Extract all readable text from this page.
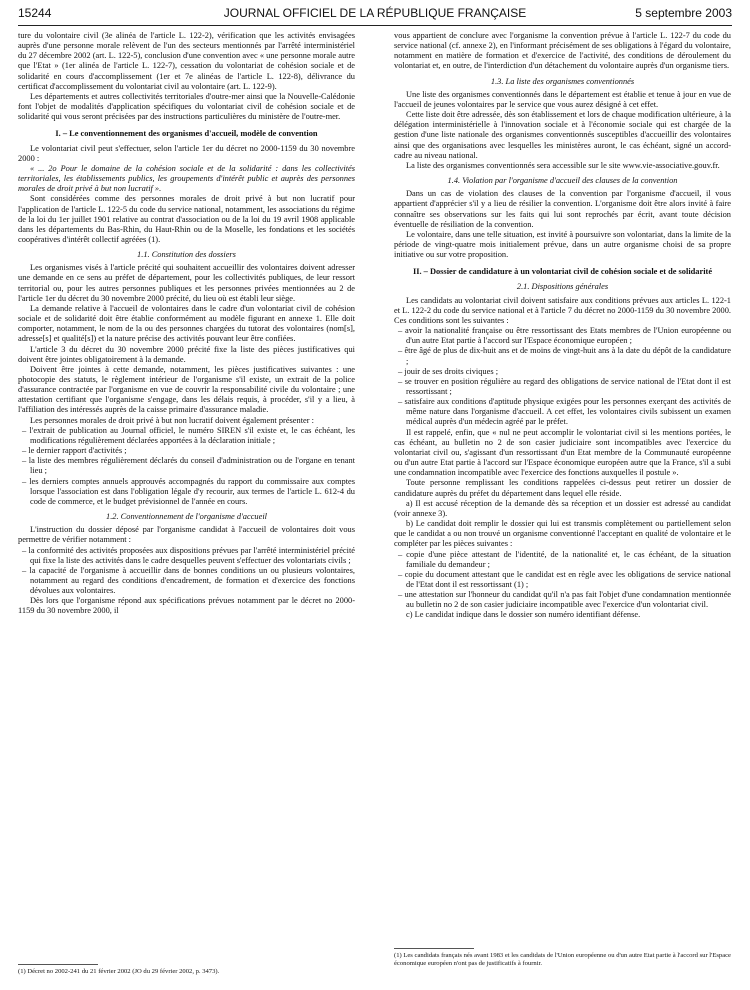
15244	JOURNAL OFFICIEL DE LA RÉPUBLIQUE FRANÇAISE	5 septembre 2003

ture du volontaire civil (3e alinéa de l'article L. 122-2), vérification que les activités envisagées auprès d'une personne morale relèvent de l'un des secteurs mentionnés par l'arrêté interministériel du 27 décembre 2002 (art. L. 122-5), conclusion d'une convention avec « une personne morale autre que l'Etat » (1er alinéa de l'article L. 122-7), cessation du volontariat de cohésion sociale et de solidarité en cours d'accomplissement (1er et 7e alinéas de l'article L. 122-8), délivrance du certificat d'accomplissement du volontariat civil au volontaire (art. L. 122-9).

Les départements et autres collectivités territoriales d'outre-mer ainsi que la Nouvelle-Calédonie font l'objet de modalités d'application spécifiques du volontariat civil de cohésion sociale et de solidarité qui vous seront précisées par des instructions particulières du ministère de l'outre-mer.

I. – Le conventionnement des organismes d'accueil, modèle de convention

Le volontariat civil peut s'effectuer, selon l'article 1er du décret no 2000-1159 du 30 novembre 2000 :

« ... 2o Pour le domaine de la cohésion sociale et de la solidarité : dans les collectivités territoriales, les établissements publics, les groupements d'intérêt public et auprès des personnes morales de droit privé à but non lucratif ».

Sont considérées comme des personnes morales de droit privé à but non lucratif pour l'application de l'article L. 122-5 du code du service national, notamment, les associations du régime de la loi du 1er juillet 1901 relative au contrat d'association ou de la loi du 19 avril 1908 applicable dans les départements du Bas-Rhin, du Haut-Rhin ou de la Moselle, les fondations et les sociétés coopératives d'intérêt collectif agréées (1).

1.1. Constitution des dossiers

Les organismes visés à l'article précité qui souhaitent accueillir des volontaires doivent adresser une demande en ce sens au préfet de département, pour les collectivités publiques, de leur ressort territorial ou, pour les autres personnes publiques et les personnes privées mentionnées au 2 de l'article 1er du décret du 30 novembre 2000 précité, du lieu où est établi leur siège.

La demande relative à l'accueil de volontaires dans le cadre d'un volontariat civil de cohésion sociale et de solidarité doit être établie conformément au modèle figurant en annexe 1. Elle doit comporter, notamment, le nom de la ou des personnes chargées du tutorat des volontaires (nom[s], adresse[s] et qualité[s]) et la nature précise des activités pouvant leur être confiées.

L'article 3 du décret du 30 novembre 2000 précité fixe la liste des pièces justificatives qui doivent être jointes obligatoirement à la demande.

Doivent être jointes à cette demande, notamment, les pièces justificatives suivantes : une photocopie des statuts, le règlement intérieur de l'organisme s'il existe, un extrait de la police d'assurance contractée par l'organisme en vue de couvrir la responsabilité civile du volontaire ; une attestation certifiant que l'organisme s'engage, dans les délais requis, à procéder, s'il y a lieu, à l'affiliation des intéressés auprès de la caisse primaire d'assurance maladie.

Les personnes morales de droit privé à but non lucratif doivent également présenter :

– l'extrait de publication au Journal officiel, le numéro SIREN s'il existe et, le cas échéant, les modifications régulièrement déclarées apportées à la déclaration initiale ;
– le dernier rapport d'activités ;
– la liste des membres régulièrement déclarés du conseil d'administration ou de l'organe en tenant lieu ;
– les derniers comptes annuels approuvés accompagnés du rapport du commissaire aux comptes lorsque l'association est dans l'obligation légale d'y recourir, aux termes de l'article L. 612-4 du code de commerce, et le budget prévisionnel de l'année en cours.
1.2. Conventionnement de l'organisme d'accueil

L'instruction du dossier déposé par l'organisme candidat à l'accueil de volontaires doit vous permettre de vérifier notamment :

– la conformité des activités proposées aux dispositions prévues par l'arrêté interministériel précité qui fixe la liste des activités dans le cadre desquelles peuvent s'effectuer des volontariats civils ;
– la capacité de l'organisme à accueillir dans de bonnes conditions un ou plusieurs volontaires, notamment au regard des conditions d'encadrement, de formation et d'exercice des fonctions dévolues aux volontaires.

Dès lors que l'organisme répond aux spécifications prévues notamment par le décret no 2000-1159 du 30 novembre 2000, il

vous appartient de conclure avec l'organisme la convention prévue à l'article L. 122-7 du code du service national (cf. annexe 2), en l'informant précisément de ses obligations à l'égard du volontaire, notamment en matière de formation et d'exercice de l'activité, des conditions de déroulement du volontariat et, en outre, de l'interdiction d'un détachement du volontaire auprès d'un organisme tiers.

1.3. La liste des organismes conventionnés

Une liste des organismes conventionnés dans le département est établie et tenue à jour en vue de l'accueil de jeunes volontaires par le service que vous aurez désigné à cet effet.

Cette liste doit être adressée, dès son établissement et lors de chaque modification ultérieure, à la délégation interministérielle à l'innovation sociale et à l'économie sociale qui est chargée de la gestion d'une liste nationale des organismes conventionnés susceptibles d'accueillir des volontaires ainsi que des organisations avec lesquelles les ministères auront, le cas échéant, signé un accord-cadre au niveau national.

La liste des organismes conventionnés sera accessible sur le site www.vie-associative.gouv.fr.

1.4. Violation par l'organisme d'accueil des clauses de la convention

Dans un cas de violation des clauses de la convention par l'organisme d'accueil, il vous appartient d'apprécier s'il y a lieu de résilier la convention. L'organisme doit être alors invité à faire connaître ses observations sur les faits qui lui sont reprochés par écrit, avant toute décision éventuelle de résiliation de la convention.

Le volontaire, dans une telle situation, est invité à poursuivre son volontariat, dans la limite de la période de vingt-quatre mois initialement prévue, dans un autre organisme choisi de sa propre initiative ou sur votre proposition.

II. – Dossier de candidature à un volontariat civil de cohésion sociale et de solidarité
2.1. Dispositions générales

Les candidats au volontariat civil doivent satisfaire aux conditions prévues aux articles L. 122-1 et L. 122-2 du code du service national et à l'article 7 du décret no 2000-1159 du 30 novembre 2000. Ces conditions sont les suivantes :

– avoir la nationalité française ou être ressortissant des Etats membres de l'Union européenne ou d'un autre Etat partie à l'accord sur l'Espace économique européen ;
– être âgé de plus de dix-huit ans et de moins de vingt-huit ans à la date du dépôt de la candidature ;
– jouir de ses droits civiques ;
– se trouver en position régulière au regard des obligations de service national de l'Etat dont il est ressortissant ;
– satisfaire aux conditions d'aptitude physique exigées pour les personnes exerçant des activités de même nature dans l'organisme d'accueil. A cet effet, les volontaires civils subissent un examen médical auprès d'un médecin agréé par le préfet.

Il est rappelé, enfin, que « nul ne peut accomplir le volontariat civil si les mentions portées, le cas échéant, au bulletin no 2 de son casier judiciaire sont incompatibles avec l'exercice du volontariat civil ou, s'agissant d'un ressortissant d'un Etat membre de la Communauté européenne ou d'un autre Etat partie à l'accord sur l'Espace économique européen autre que la France, s'il a subi une condamnation incompatible avec l'exercice des fonctions auxquelles il postule ».

Toute personne remplissant les conditions rappelées ci-dessus peut retirer un dossier de candidature auprès du préfet du département dans lequel elle réside.

a) Il est accusé réception de la demande dès sa réception et un dossier est adressé au candidat (voir annexe 3).

b) Le candidat doit remplir le dossier qui lui est transmis complètement ou partiellement selon que le candidat a ou non trouvé un organisme conventionné l'acceptant en qualité de volontaire et le compléter par les pièces suivantes :

– copie d'une pièce attestant de l'identité, de la nationalité et, le cas échéant, de la situation familiale du demandeur ;
– copie du document attestant que le candidat est en règle avec les obligations de service national de l'Etat dont il est ressortissant (1) ;
– une attestation sur l'honneur du candidat qu'il n'a pas fait l'objet d'une condamnation mentionnée au bulletin no 2 de son casier judiciaire incompatible avec l'exercice d'un volontariat civil.

c) Le candidat indique dans le dossier son numéro identifiant défense.

(1) Décret no 2002-241 du 21 février 2002 (JO du 29 février 2002, p. 3473).
(1) Les candidats français nés avant 1983 et les candidats de l'Union européenne ou d'un autre Etat partie à l'accord sur l'Espace économique européen n'ont pas de justificatifs à fournir.
